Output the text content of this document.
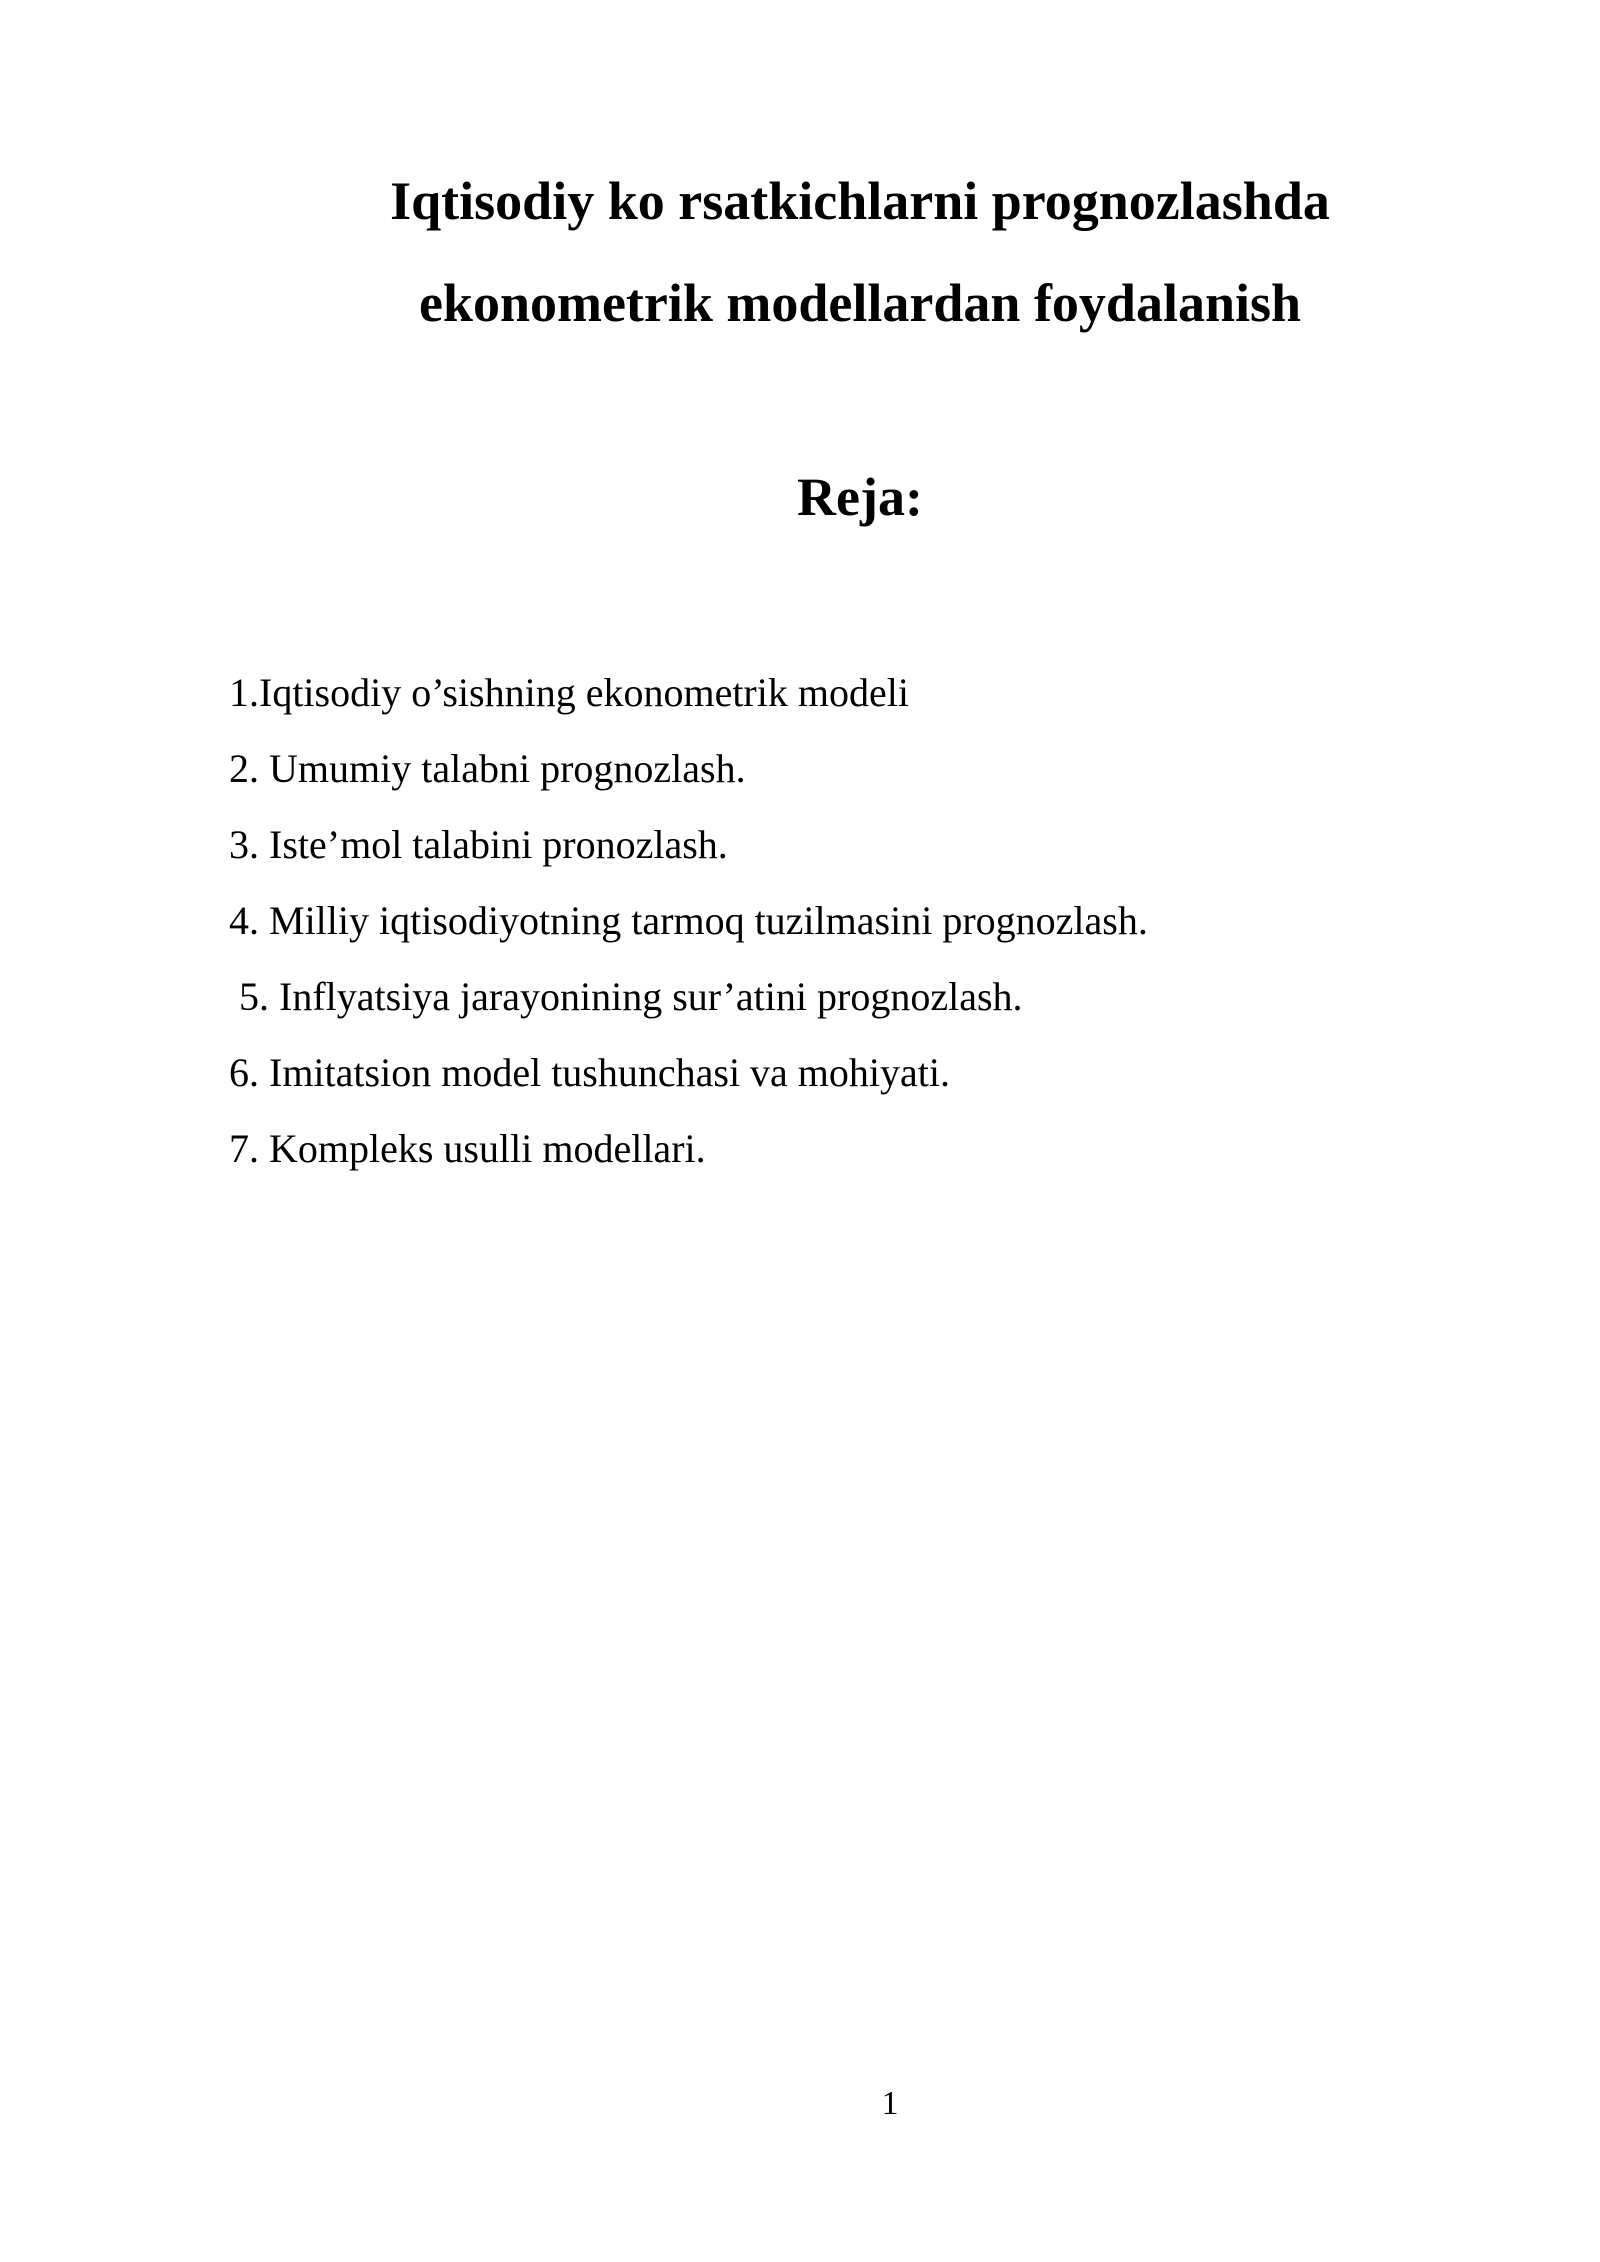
Iqtisodiy ko rsatkichlarni prognozlashda
ekonometrik modellardan foydalanish
Reja:
1.Iqtisodiy o’sishning ekonometrik modeli
2. Umumiy talabni prognozlash.
3. Iste’mol talabini pronozlash.
4. Milliy iqtisodiyotning tarmoq tuzilmasini prognozlash.
5. Inflyatsiya jarayonining sur’atini prognozlash.
6. Imitatsion model tushunchasi va mohiyati.
7. Kompleks usulli modellari.
1
